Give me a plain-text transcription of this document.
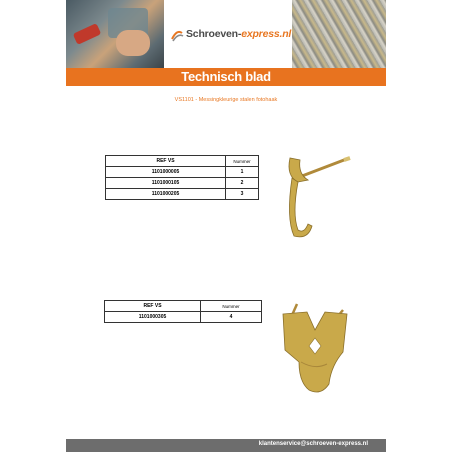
Schroeven-express.nl
Technisch blad
VS1101 - Messingkleurige stalen fotohaak
REF VS	Nummer
1101000005	1
1101000105	2
1101000205	3
REF VS	Nummer
1101000305	4
klantenservice@schroeven-express.nl
